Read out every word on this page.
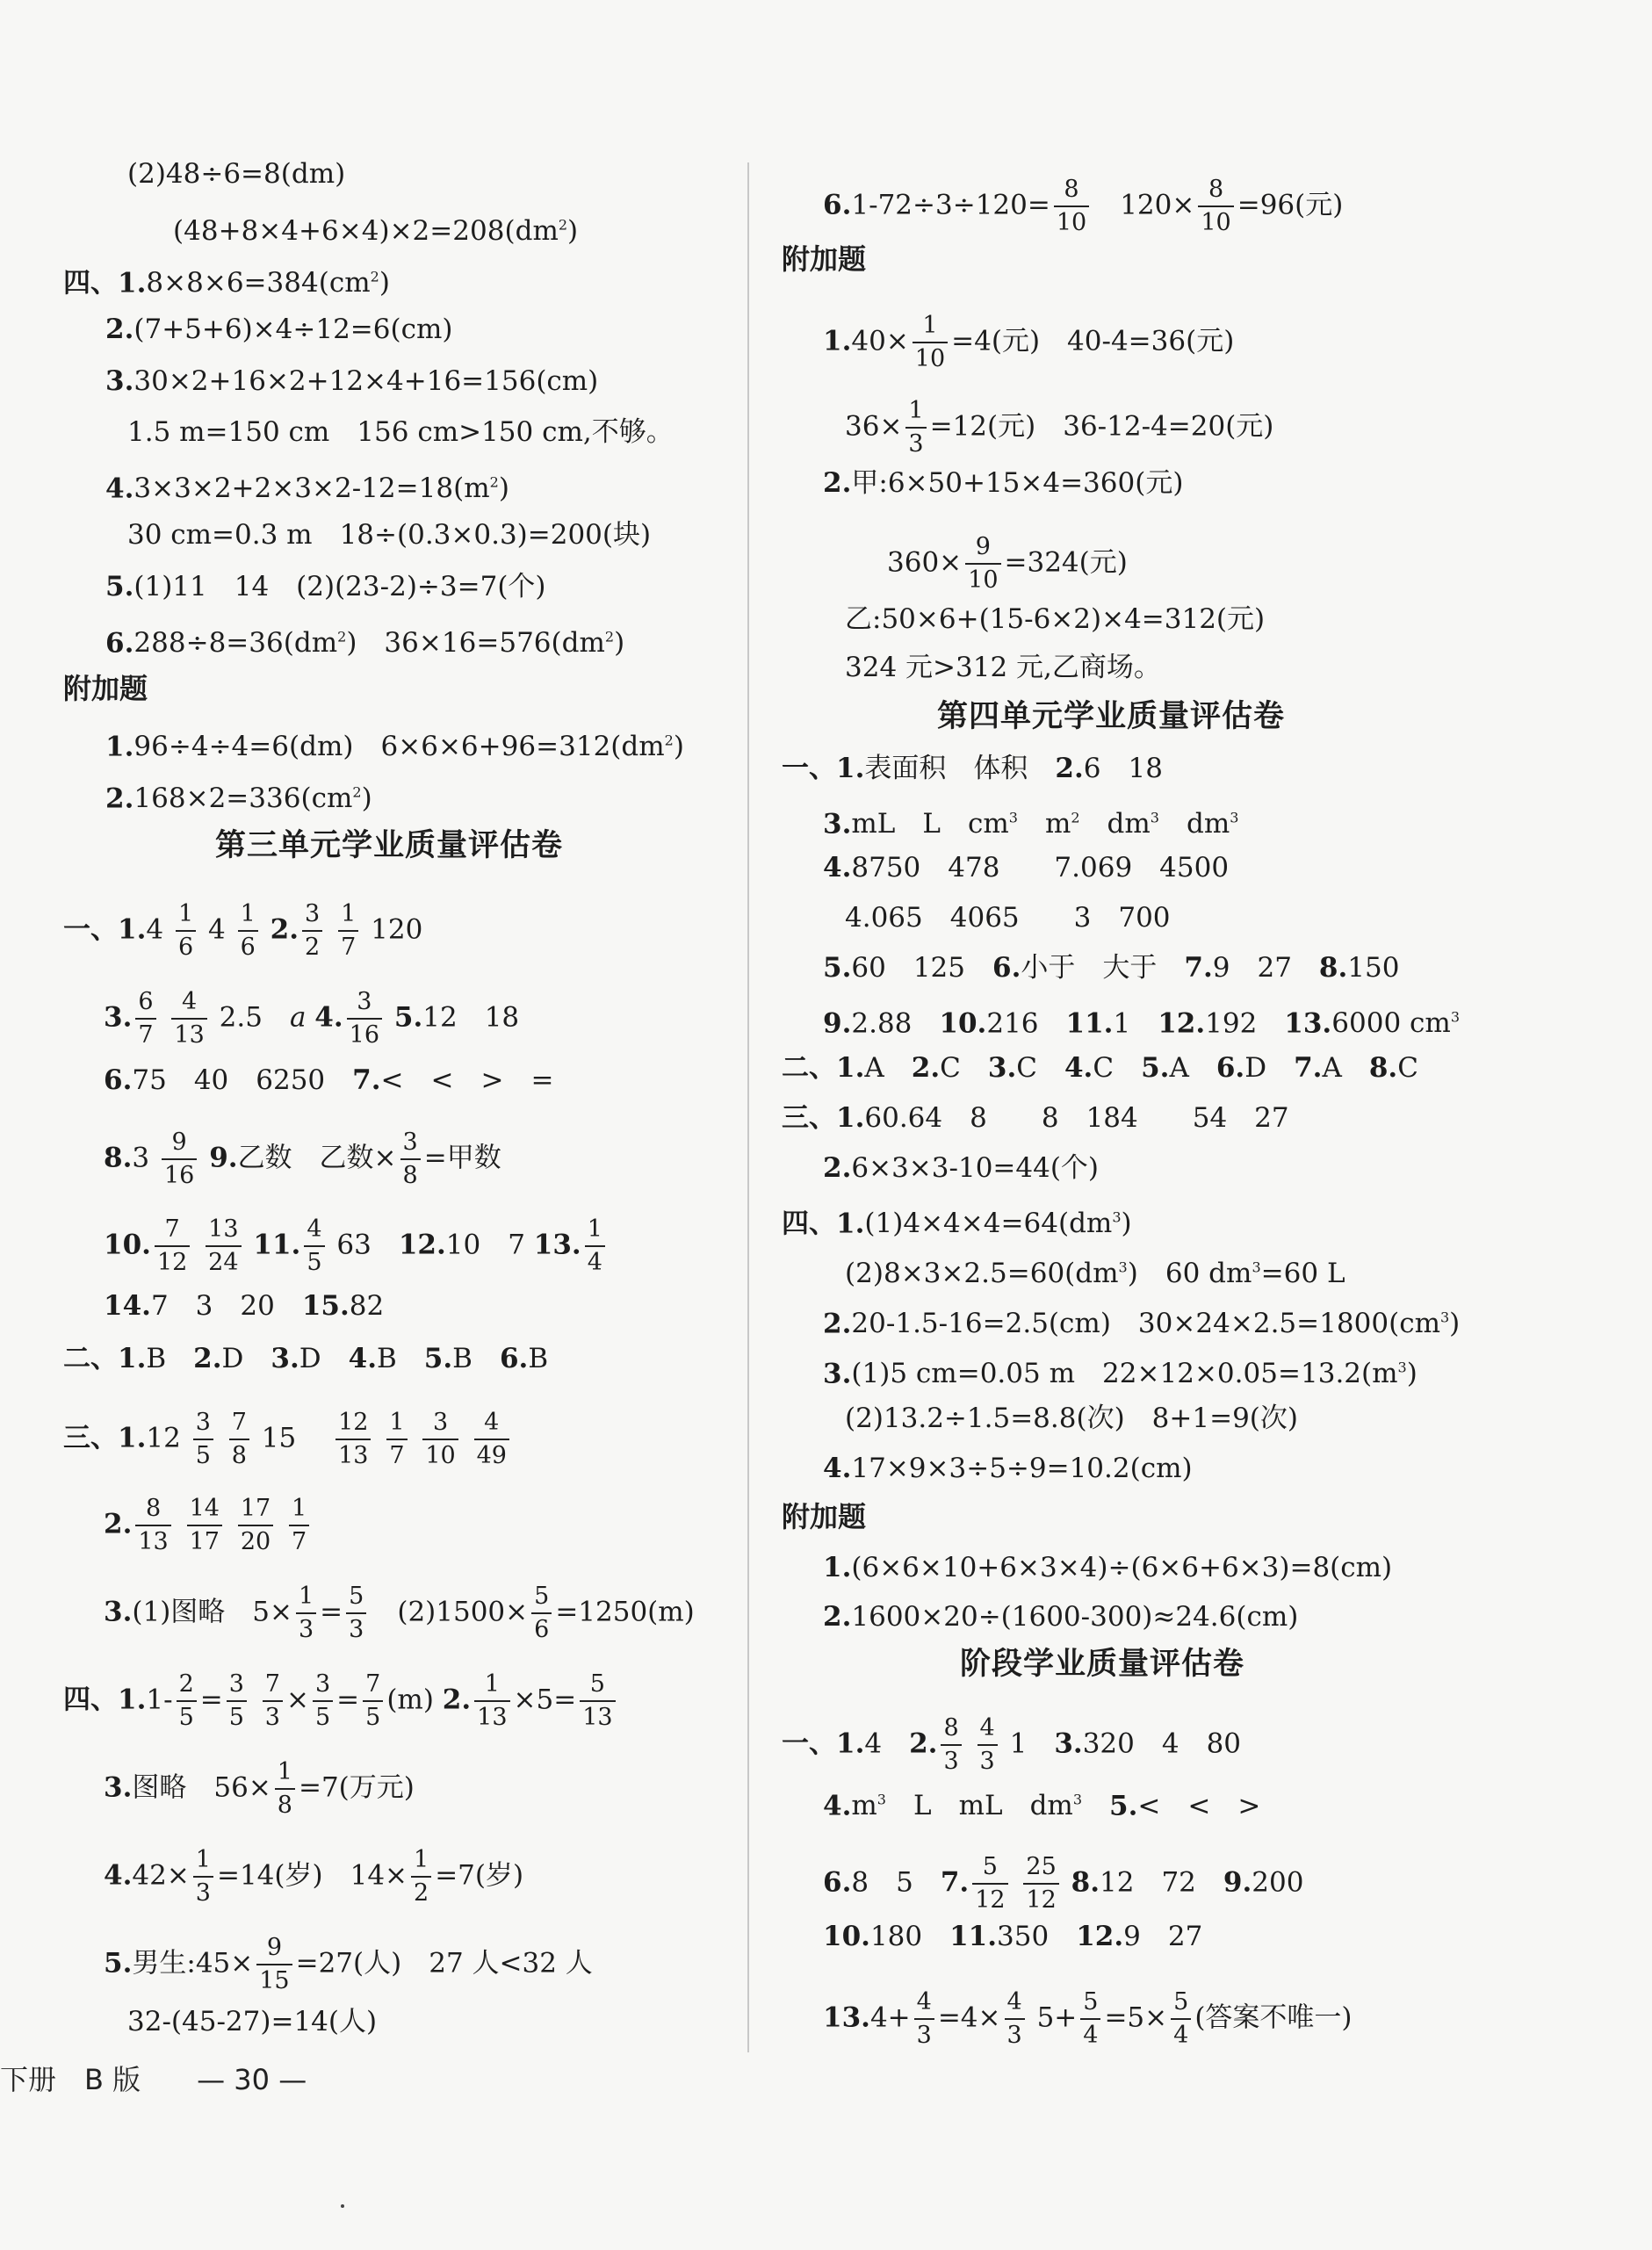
(2)48÷6=8(dm)
$(48+8\times 4+6\times 4)\times 2=208(dm^2)$
四、$1.8\times 8\times 6=384(cm^2)$
2.(7+5+6)×4÷12=6(cm)
3.30×2+16×2+12×4+16=156(cm)
1.5 m=150 cm　156 cm>150 cm,不够。
$4.3\times 3\times 2+2\times 3\times 2-12=18(m^2)$
30 cm=0.3 m　18÷(0.3×0.3)=200(块)
5.(1)11　14　(2)(23-2)÷3=7(个)
$6.288\div 8=36(dm^2)$　 $36\times 16=576(dm^2)$
附加题
1.96÷4÷4=6(dm)　 $6\times 6\times 6+96=312(dm^2)$
$2.168\times 2=336(cm^2)$
第三单元学业质量评估卷
一、$1.4 \frac{1}{6} 4 \frac{1}{6} 2$. $\frac{3}{2}$
$\frac{1}{7} 120$
3. $\frac{6}{7}$
$\frac{4}{13} 2.5$　a 4. $\frac{3}{16} 5.12$　18
6.75　40　6250　 7.<　<　>　=
$8.3 \frac{9}{16} 9$.乙数　乙数× $\frac{3}{8}$ =甲数
10. $\frac{7}{12}$
$\frac{13}{24} 11$. $\frac{4}{5} 63$　 12.10　7 13. $\frac{1}{4}$
14.7　3　20　 15.82
二、1.B　 2.D　 3.D　 4.B　 5.B　 6.B
三、$1.12 \frac{3}{5}$
$\frac{7}{8} 15$　 $\frac{12}{13}$
$\frac{1}{7}$
$\frac{3}{10}$
$\frac{4}{49}$
2. $\frac{8}{13}$
$\frac{14}{17}$
$\frac{17}{20}$
$\frac{1}{7}$
3.(1)图略　$5\times \frac{1}{3} = \frac{5}{3}$
　 $(2)1500\times \frac{5}{6} =1250(m)$
四、$1.1- \frac{2}{5} = \frac{3}{5}$
$\frac{7}{3} \times \frac{3}{5} = \frac{7}{5} (m)$ 2. $\frac{1}{13} \times 5= \frac{5}{13}$
3.图略　$56\times \frac{1}{8} =7$(万元)
$4.42\times \frac{1}{3} =14$(岁)　$14\times \frac{1}{2} =7$(岁)
5.男生:45× $\frac{9}{15} =27$(人)　27 人<32 人
32-(45-27)=14(人)
$6.1-72\div 3\div 120= \frac{8}{10}$
　 $120\times \frac{8}{10} =96$(元)
附加题
$1.40\times \frac{1}{10} =4$(元)　40-4=36(元)
$36\times \frac{1}{3} =12$(元)　36-12-4=20(元)
2.甲:6×50+15×4=360(元)
$360\times \frac{9}{10} =324$(元)
乙:50×6+(15-6×2)×4=312(元)
324 元>312 元,乙商场。
第四单元学业质量评估卷
一、1.表面积　体积　 2.6　18
3.mL　 L　 $cm^3$　 $m^2$　 $dm^3$　 $dm^3$
4.8750　478　　7.069　4500
4.065　4065　　3　700
5.60　125　 6.小于　大于　 7.9　27　 8.150
9.2.88　 10.216　 11.1　 12.192　 13.6000 $cm^3$
二、1.A　 2.C　 3.C　 4.C　 5.A　 6.D　 7.A　 8.C
三、1.60.64　8　　8　184　　54　27
2.6×3×3-10=44(个)
四、$1.(1)4\times 4\times 4=64(dm^3)$
$(2)8\times 3\times 2.5=60(dm^3)$　 60 $dm^3=60$ L
2.20-1.5-16=2.5(cm)　 $30\times 24\times 2.5=1800(cm^3)$
3.(1)5 cm=0.05 m　 $22\times 12\times 0.05=13.2(m^3)$
(2)13.2÷1.5=8.8(次)　8+1=9(次)
4.17×9×3÷5÷9=10.2(cm)
附加题
1.(6×6×10+6×3×4)÷(6×6+6×3)=8(cm)
2.1600×20÷(1600-300)≈24.6(cm)
阶段学业质量评估卷
一、1.4　 2. $\frac{8}{3}$
$\frac{4}{3} 1$　 3.320　4　80
$4.m^3$　 L　 mL　 $dm^3$　 5.<　<　>
6.8　5　 7. $\frac{5}{12}$
$\frac{25}{12} 8.12$　72　 9.200
10.180　 11.350　 12.9　27
$13.4+ \frac{4}{3} =4\times \frac{4}{3} 5+ \frac{5}{4} =5\times \frac{5}{4}$ (答案不唯一)
下册　B 版　　— 30 —
